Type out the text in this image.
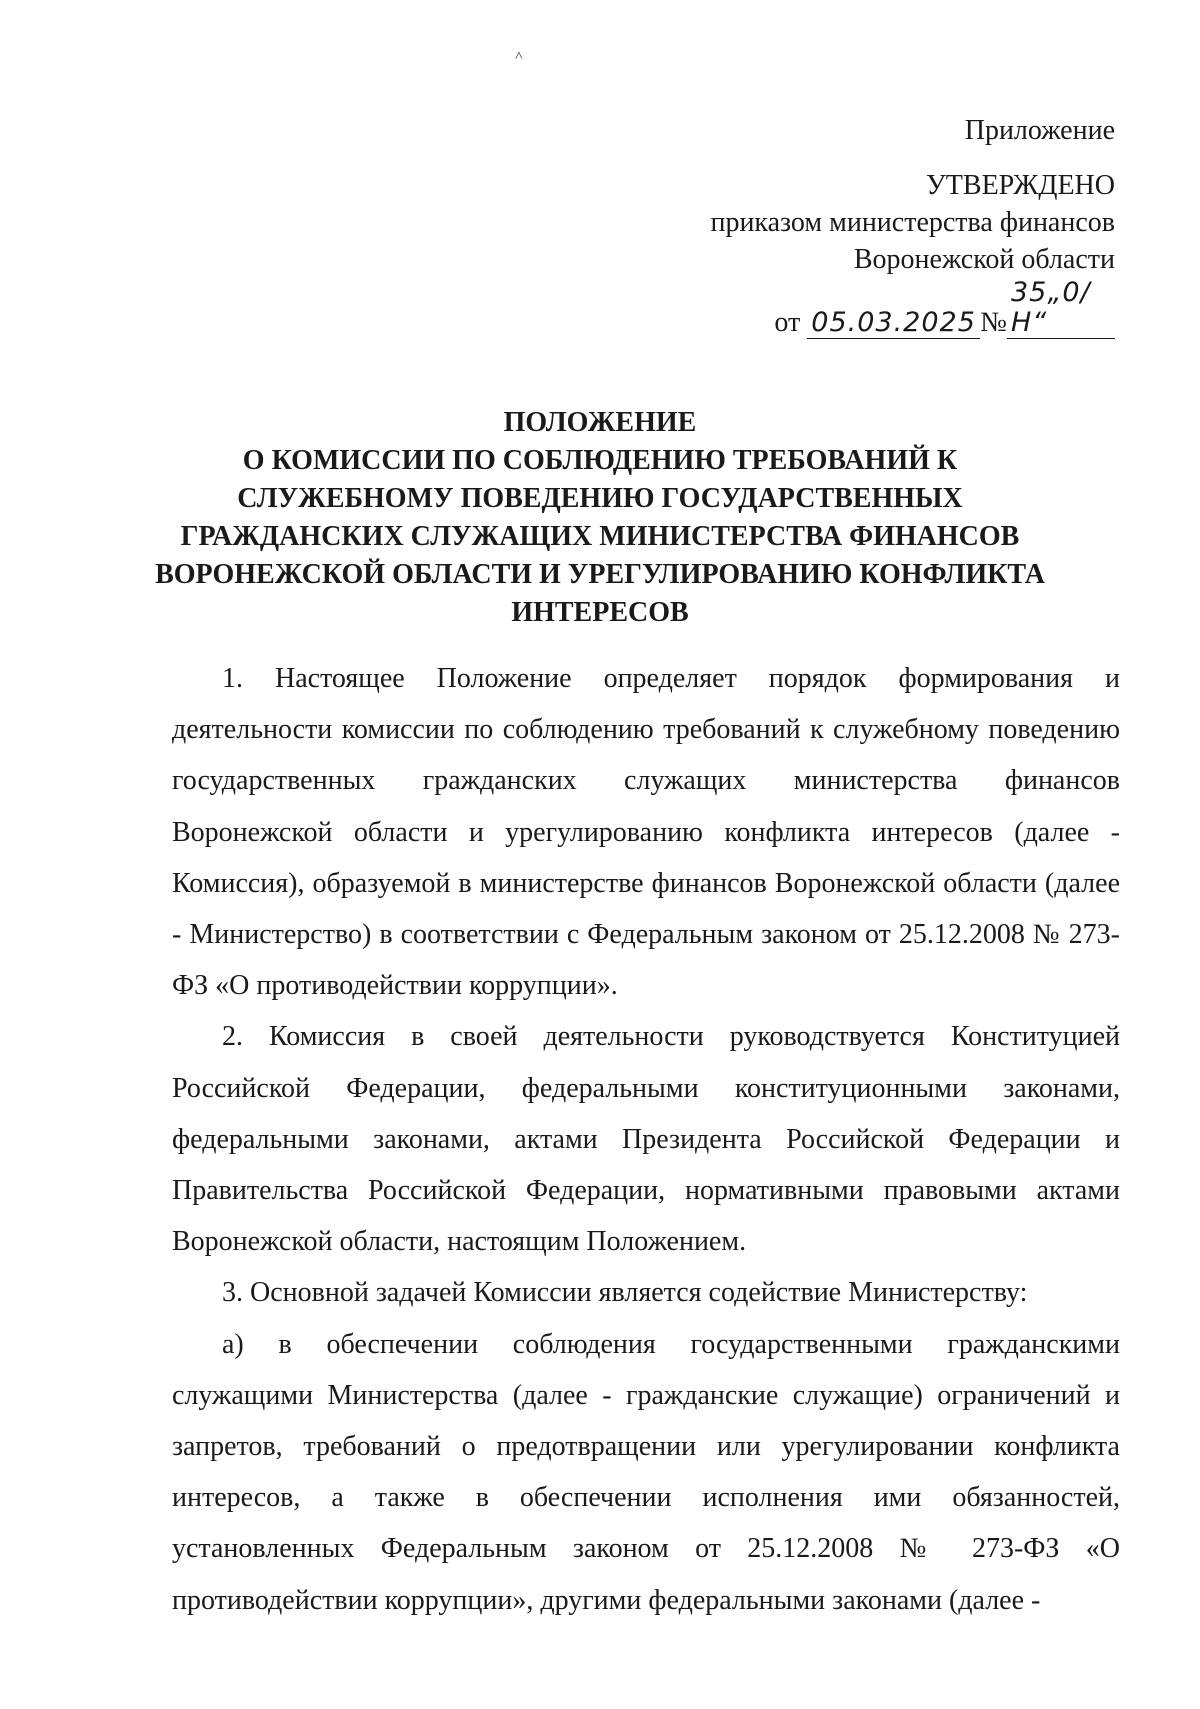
˄
Приложение
УТВЕРЖДЕНО
приказом министерства финансов
Воронежской области
от 05.03.2025 №35„0/Н“
ПОЛОЖЕНИЕ
О КОМИССИИ ПО СОБЛЮДЕНИЮ ТРЕБОВАНИЙ К
СЛУЖЕБНОМУ ПОВЕДЕНИЮ ГОСУДАРСТВЕННЫХ
ГРАЖДАНСКИХ СЛУЖАЩИХ МИНИСТЕРСТВА ФИНАНСОВ
ВОРОНЕЖСКОЙ ОБЛАСТИ И УРЕГУЛИРОВАНИЮ КОНФЛИКТА
ИНТЕРЕСОВ

1. Настоящее Положение определяет порядок формирования и деятельности комиссии по соблюдению требований к служебному поведению государственных гражданских служащих министерства финансов Воронежской области и урегулированию конфликта интересов (далее - Комиссия), образуемой в министерстве финансов Воронежской области (далее - Министерство) в соответствии с Федеральным законом от 25.12.2008 № 273-ФЗ «О противодействии коррупции».

2. Комиссия в своей деятельности руководствуется Конституцией Российской Федерации, федеральными конституционными законами, федеральными законами, актами Президента Российской Федерации и Правительства Российской Федерации, нормативными правовыми актами Воронежской области, настоящим Положением.

3. Основной задачей Комиссии является содействие Министерству:

а) в обеспечении соблюдения государственными гражданскими служащими Министерства (далее - гражданские служащие) ограничений и запретов, требований о предотвращении или урегулировании конфликта интересов, а также в обеспечении исполнения ими обязанностей, установленных Федеральным законом от 25.12.2008 № 273-ФЗ «О противодействии коррупции», другими федеральными законами (далее -
